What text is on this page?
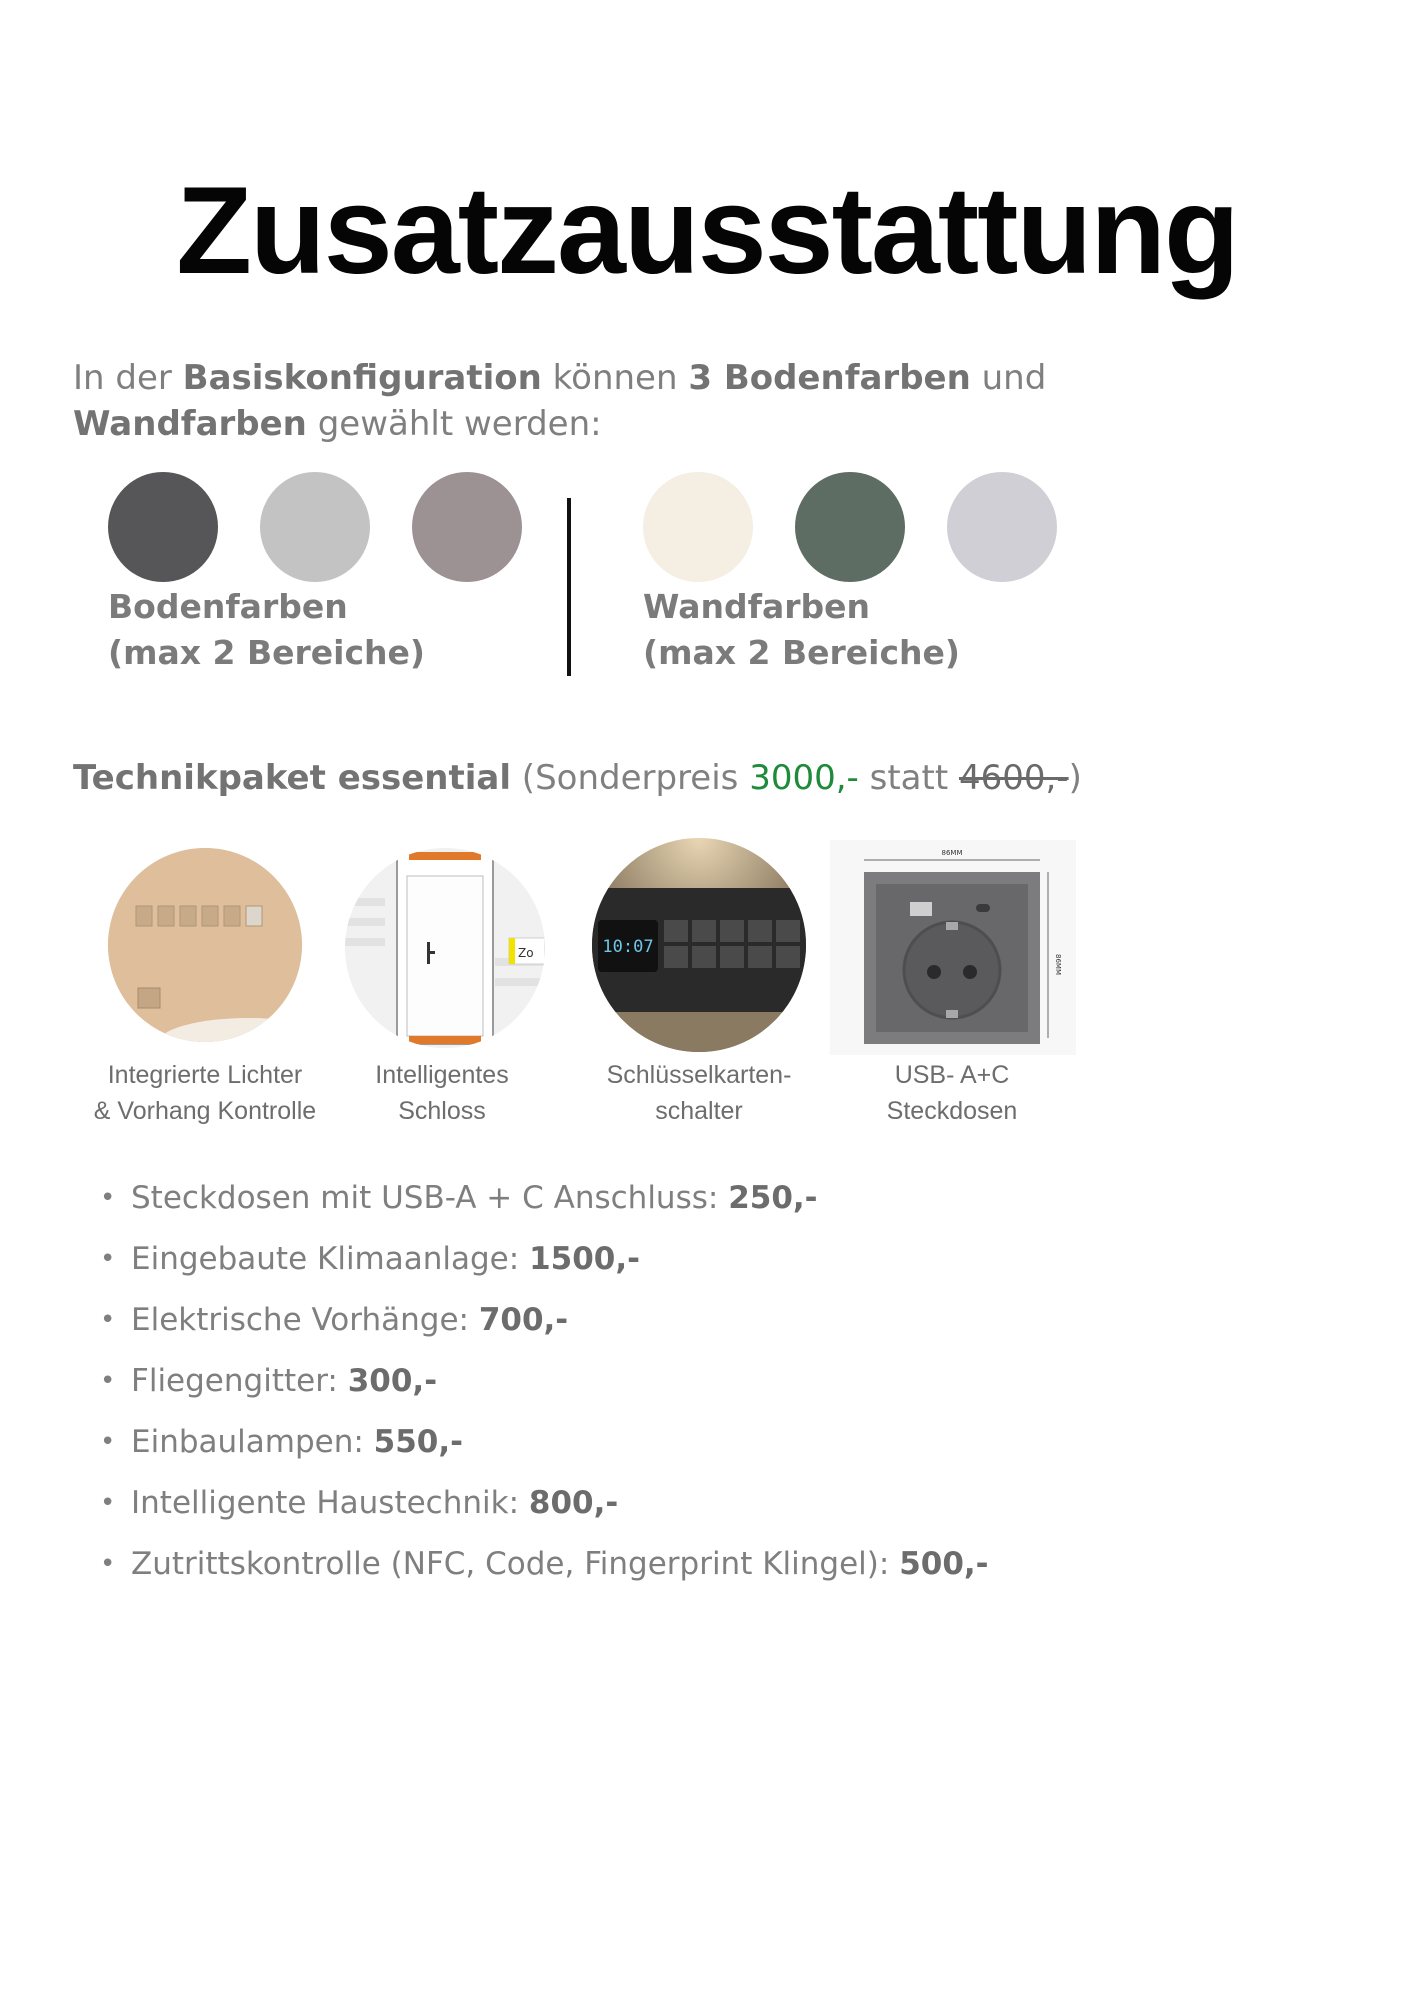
Zusatzausstattung

In der Basiskonfiguration können 3 Bodenfarben und
Wandfarben gewählt werden:

Bodenfarben
(max 2 Bereiche)
Wandfarben
(max 2 Bereiche)

Technikpaket essential (Sonderpreis 3000,- statt 4600,-)

Integrierte Lichter
& Vorhang Kontrolle
Zo
Intelligentes
Schloss
10:07
Schlüsselkarten-
schalter
86MM
86MM
USB- A+C
Steckdosen
• Steckdosen mit USB-A + C Anschluss: 250,-
• Eingebaute Klimaanlage: 1500,-
• Elektrische Vorhänge: 700,-
• Fliegengitter: 300,-
• Einbaulampen: 550,-
• Intelligente Haustechnik: 800,-
• Zutrittskontrolle (NFC, Code, Fingerprint Klingel): 500,-
